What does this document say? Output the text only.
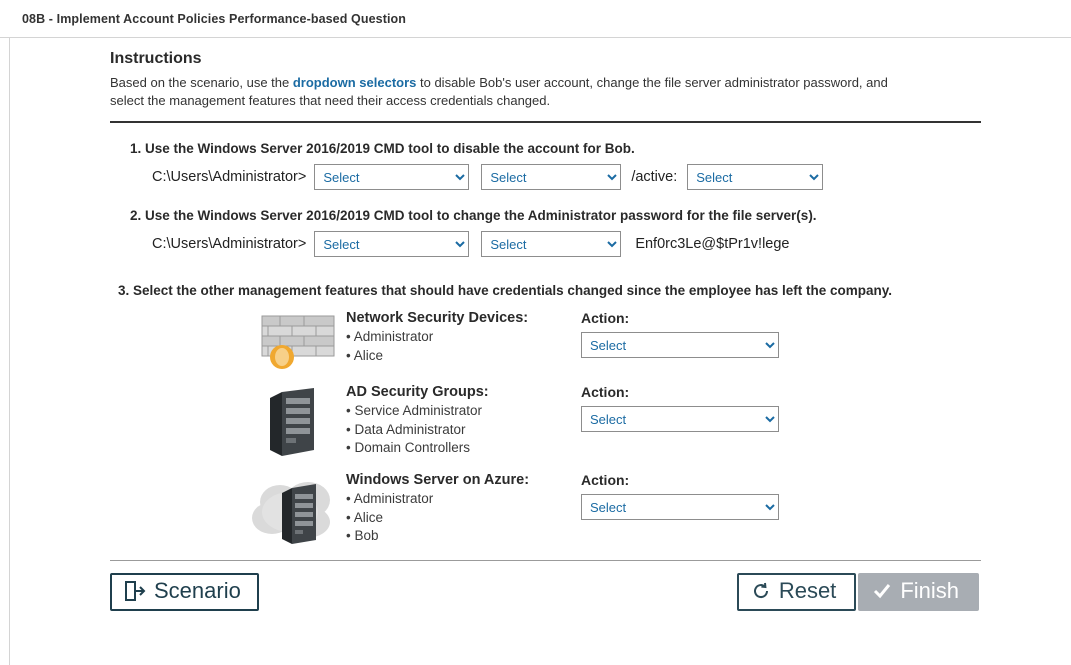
08B - Implement Account Policies Performance-based Question
Instructions

Based on the scenario, use the dropdown selectors to disable Bob's user account, change the file server administrator password, and select the management features that need their access credentials changed.

1. Use the Windows Server 2016/2019 CMD tool to disable the account for Bob.
C:\Users\Administrator>
Select
Select	/active:
Select
2. Use the Windows Server 2016/2019 CMD tool to change the Administrator password for the file server(s).
C:\Users\Administrator>
Select
Select	Enf0rc3Le@$tPr1v!lege
3. Select the other management features that should have credentials changed since the employee has left the company.
Network Security Devices:
• Administrator
• Alice
Action:
Select
AD Security Groups:
• Service Administrator
• Data Administrator
• Domain Controllers
Action:
Select
Windows Server on Azure:
• Administrator
• Alice
• Bob
Action:
Select
Scenario	Reset	Finish
